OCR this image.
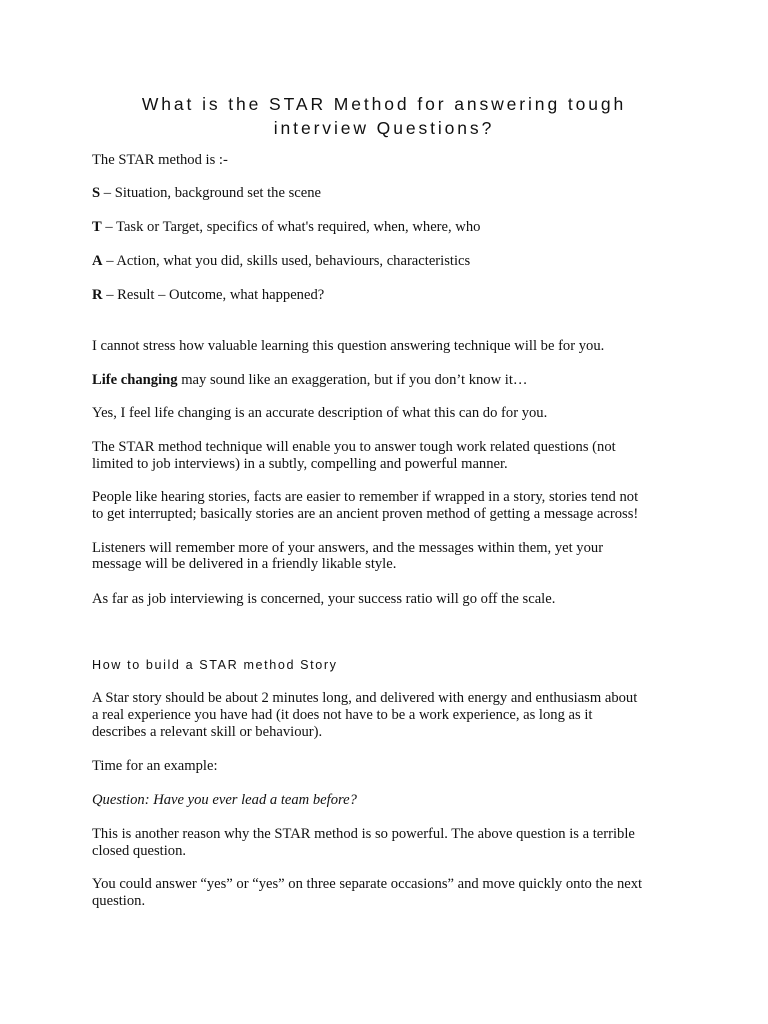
What is the STAR Method for answering tough
interview Questions?

The STAR method is :-

S – Situation, background set the scene

T – Task or Target, specifics of what's required, when, where, who

A – Action, what you did, skills used, behaviours, characteristics

R – Result – Outcome, what happened?

I cannot stress how valuable learning this question answering technique will be for you.

Life changing may sound like an exaggeration, but if you don’t know it…

Yes, I feel life changing is an accurate description of what this can do for you.

The STAR method technique will enable you to answer tough work related questions (not

limited to job interviews) in a subtly, compelling and powerful manner.

People like hearing stories, facts are easier to remember if wrapped in a story, stories tend not

to get interrupted; basically stories are an ancient proven method of getting a message across!

Listeners will remember more of your answers, and the messages within them, yet your

message will be delivered in a friendly likable style.

As far as job interviewing is concerned, your success ratio will go off the scale.

How to build a STAR method Story

A Star story should be about 2 minutes long, and delivered with energy and enthusiasm about

a real experience you have had (it does not have to be a work experience, as long as it

describes a relevant skill or behaviour).

Time for an example:

Question: Have you ever lead a team before?

This is another reason why the STAR method is so powerful. The above question is a terrible

closed question.

You could answer “yes” or “yes” on three separate occasions” and move quickly onto the next

question.
